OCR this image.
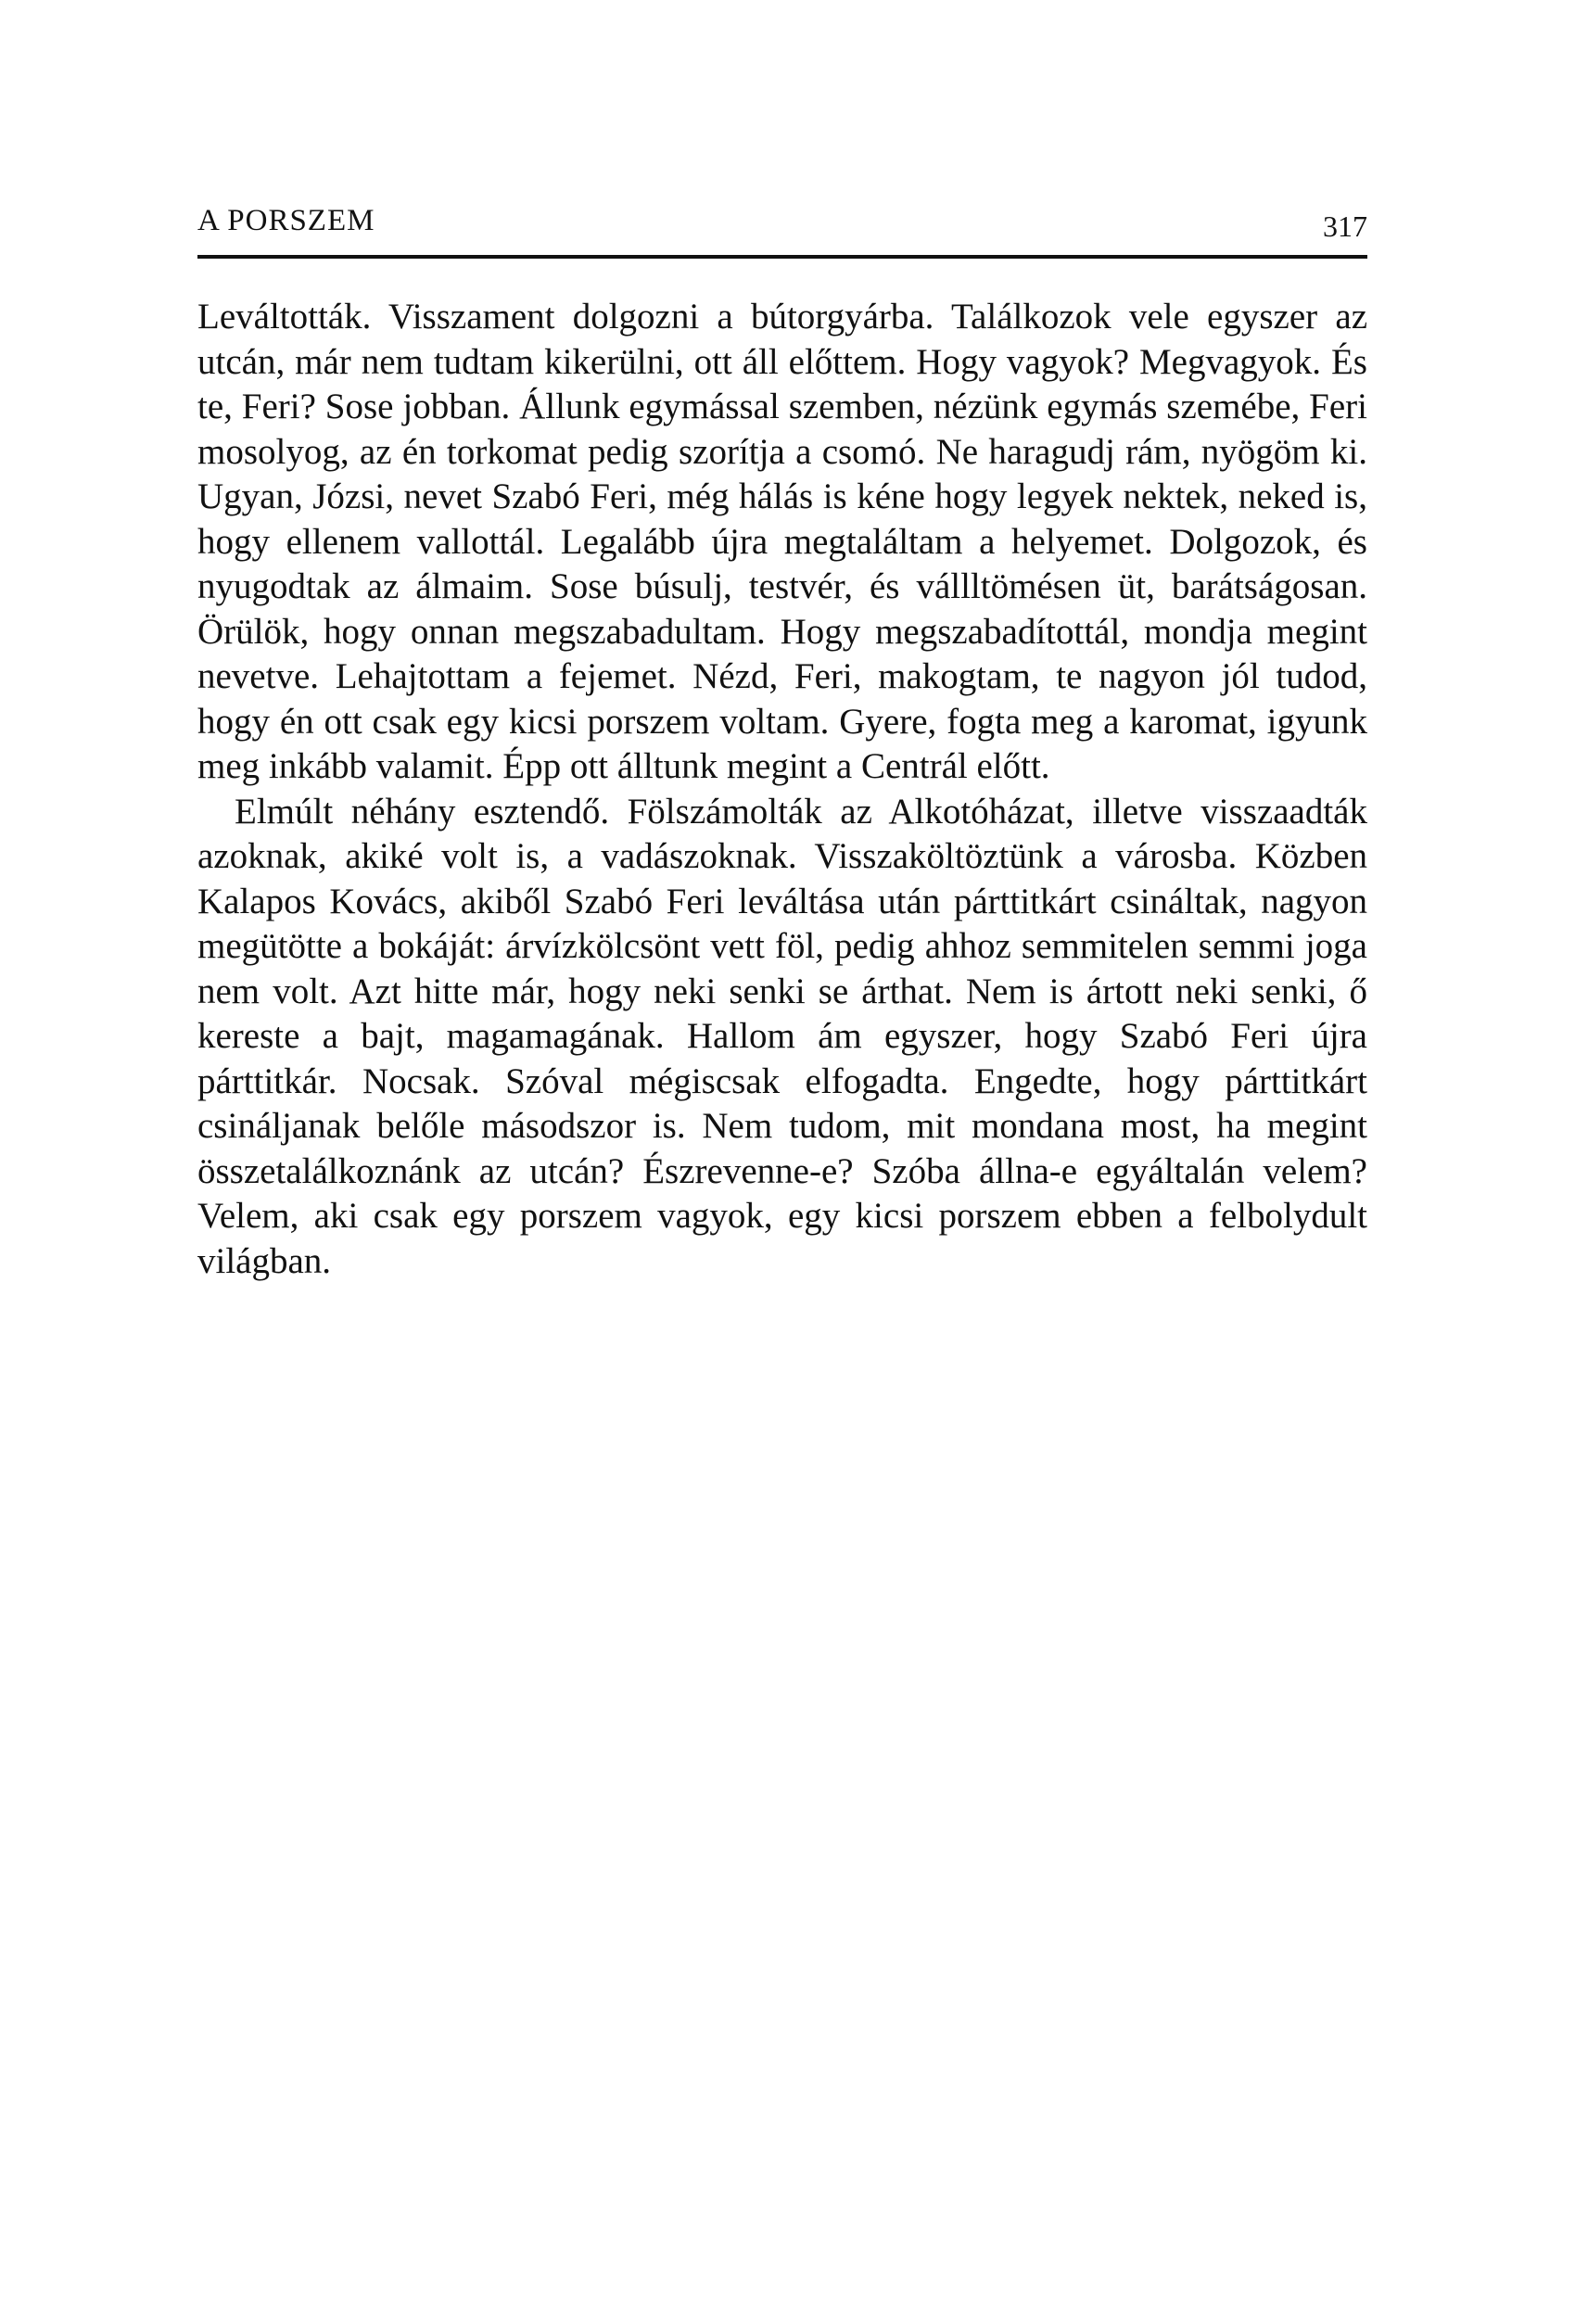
A PORSZEM	317

Leváltották. Visszament dolgozni a bútorgyárba. Találkozok vele egyszer az utcán, már nem tudtam kikerülni, ott áll előttem. Hogy vagyok? Megvagyok. És te, Feri? Sose jobban. Állunk egymással szemben, nézünk egymás szemébe, Feri mosolyog, az én torkomat pedig szorítja a csomó. Ne haragudj rám, nyögöm ki. Ugyan, Józsi, nevet Szabó Feri, még hálás is kéne hogy legyek nektek, neked is, hogy ellenem vallottál. Legalább újra megtaláltam a helyemet. Dolgozok, és nyugodtak az álmaim. Sose búsulj, testvér, és vállltömésen üt, barátságosan. Örülök, hogy onnan megszabadultam. Hogy megszabadítottál, mondja megint nevetve. Lehajtottam a fejemet. Nézd, Feri, makogtam, te nagyon jól tudod, hogy én ott csak egy kicsi porszem voltam. Gyere, fogta meg a karomat, igyunk meg inkább valamit. Épp ott álltunk megint a Centrál előtt.

Elmúlt néhány esztendő. Fölszámolták az Alkotóházat, illetve visszaadták azoknak, akiké volt is, a vadászoknak. Visszaköltöztünk a városba. Közben Kalapos Kovács, akiből Szabó Feri leváltása után párttitkárt csináltak, nagyon megütötte a bokáját: árvízkölcsönt vett föl, pedig ahhoz semmitelen semmi joga nem volt. Azt hitte már, hogy neki senki se árthat. Nem is ártott neki senki, ő kereste a bajt, magamagának. Hallom ám egyszer, hogy Szabó Feri újra párttitkár. Nocsak. Szóval mégiscsak elfogadta. Engedte, hogy párttitkárt csináljanak belőle másodszor is. Nem tudom, mit mondana most, ha megint összetalálkoznánk az utcán? Észrevenne-e? Szóba állna-e egyáltalán velem? Velem, aki csak egy porszem vagyok, egy kicsi porszem ebben a felbolydult világban.
